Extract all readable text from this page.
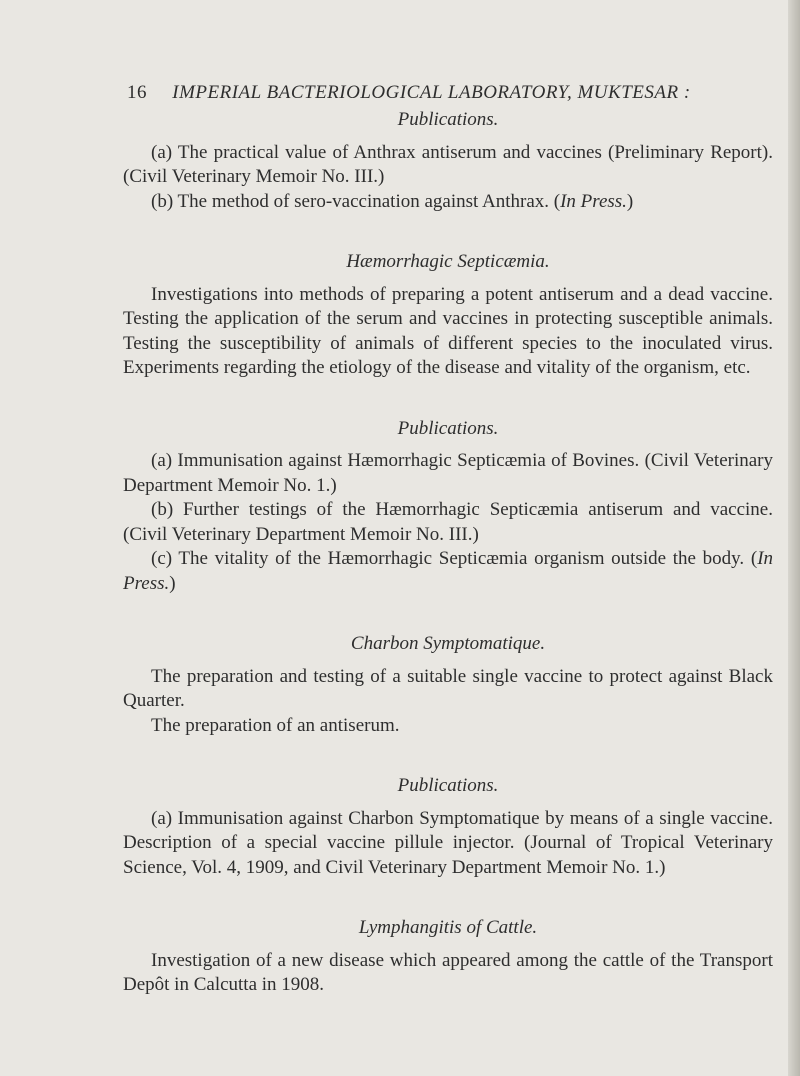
16 IMPERIAL BACTERIOLOGICAL LABORATORY, MUKTESAR :

Publications.

(a) The practical value of Anthrax antiserum and vaccines (Preliminary Report). (Civil Veterinary Memoir No. III.)

(b) The method of sero-vaccination against Anthrax. (In Press.)

Hæmorrhagic Septicæmia.

Investigations into methods of preparing a potent antiserum and a dead vaccine. Testing the application of the serum and vaccines in protecting susceptible animals. Testing the susceptibility of animals of different species to the inoculated virus. Experiments regarding the etiology of the disease and vitality of the organism, etc.

Publications.

(a) Immunisation against Hæmorrhagic Septicæmia of Bovines. (Civil Veterinary Department Memoir No. 1.)

(b) Further testings of the Hæmorrhagic Septicæmia antiserum and vaccine. (Civil Veterinary Department Memoir No. III.)

(c) The vitality of the Hæmorrhagic Septicæmia organism outside the body. (In Press.)

Charbon Symptomatique.

The preparation and testing of a suitable single vaccine to protect against Black Quarter.

The preparation of an antiserum.

Publications.

(a) Immunisation against Charbon Symptomatique by means of a single vaccine. Description of a special vaccine pillule injector. (Journal of Tropical Veterinary Science, Vol. 4, 1909, and Civil Veterinary Department Memoir No. 1.)

Lymphangitis of Cattle.

Investigation of a new disease which appeared among the cattle of the Transport Depôt in Calcutta in 1908.
